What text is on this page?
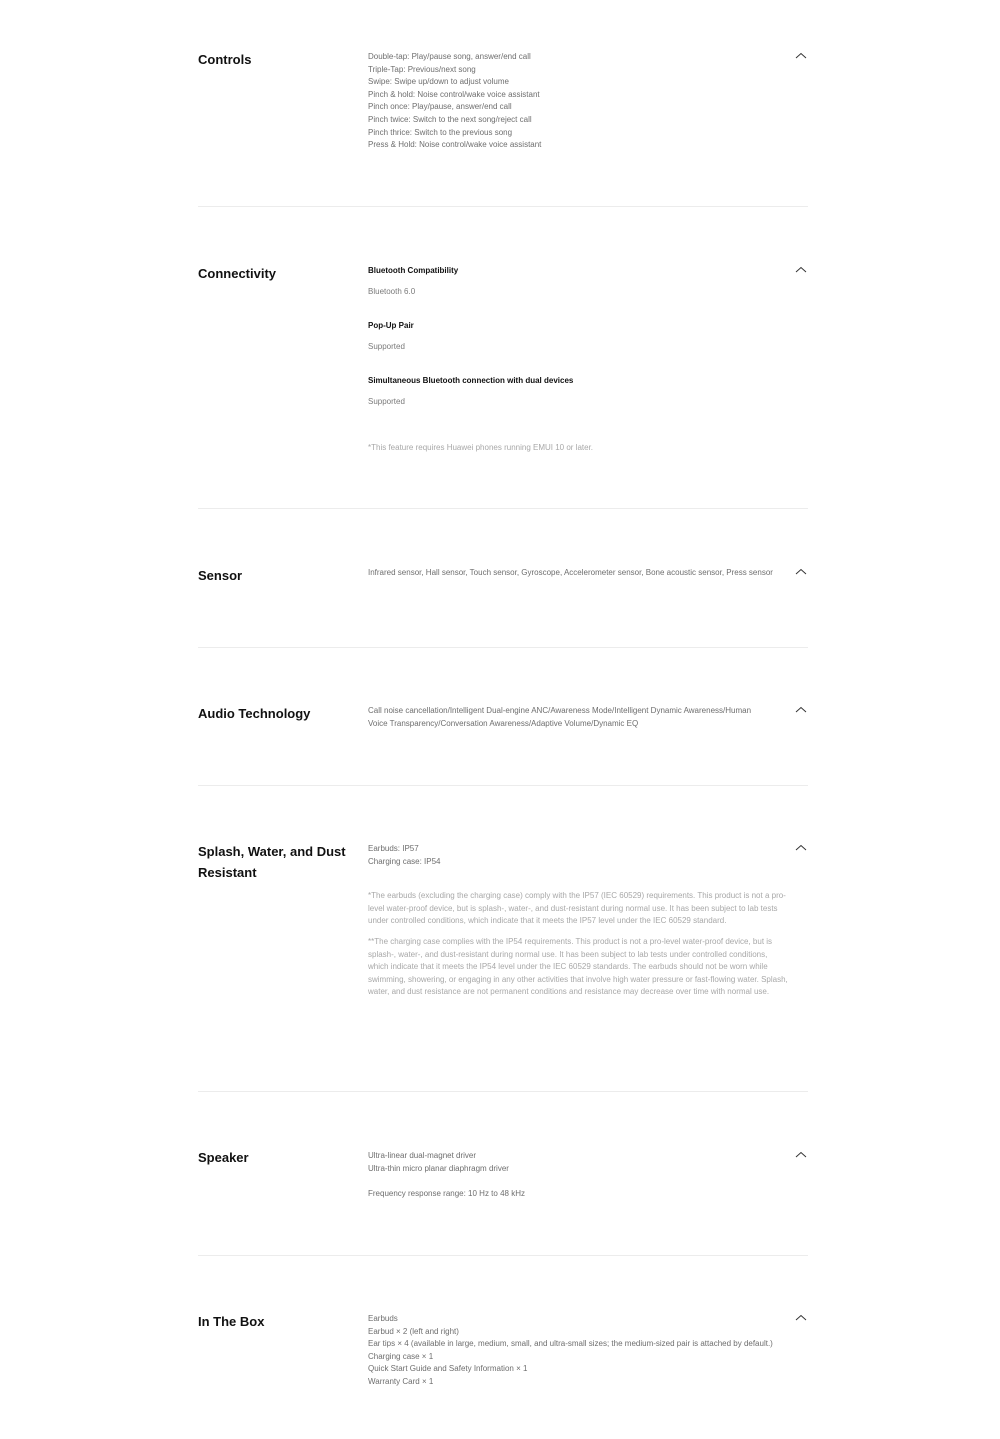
Controls	Double-tap: Play/pause song, answer/end call
Triple-Tap: Previous/next song
Swipe: Swipe up/down to adjust volume
Pinch & hold: Noise control/wake voice assistant
Pinch once: Play/pause, answer/end call
Pinch twice: Switch to the next song/reject call
Pinch thrice: Switch to the previous song
Press & Hold: Noise control/wake voice assistant
Connectivity	Bluetooth Compatibility
Bluetooth 6.0
Pop-Up Pair
Supported
Simultaneous Bluetooth connection with dual devices
Supported
*This feature requires Huawei phones running EMUI 10 or later.
Sensor	Infrared sensor, Hall sensor, Touch sensor, Gyroscope, Accelerometer sensor, Bone acoustic sensor, Press sensor
Audio Technology	Call noise cancellation/Intelligent Dual-engine ANC/Awareness Mode/Intelligent Dynamic Awareness/Human Voice Transparency/Conversation Awareness/Adaptive Volume/Dynamic EQ
Splash, Water, and Dust Resistant
Earbuds: IP57
Charging case: IP54
*The earbuds (excluding the charging case) comply with the IP57 (IEC 60529) requirements. This product is not a pro-level water-proof device, but is splash-, water-, and dust-resistant during normal use. It has been subject to lab tests under controlled conditions, which indicate that it meets the IP57 level under the IEC 60529 standard.
**The charging case complies with the IP54 requirements. This product is not a pro-level water-proof device, but is splash-, water-, and dust-resistant during normal use. It has been subject to lab tests under controlled conditions, which indicate that it meets the IP54 level under the IEC 60529 standards. The earbuds should not be worn while swimming, showering, or engaging in any other activities that involve high water pressure or fast-flowing water. Splash, water, and dust resistance are not permanent conditions and resistance may decrease over time with normal use.
Speaker	Ultra-linear dual-magnet driver
Ultra-thin micro planar diaphragm driver
Frequency response range: 10 Hz to 48 kHz
In The Box	Earbuds
Earbud × 2 (left and right)
Ear tips × 4 (available in large, medium, small, and ultra-small sizes; the medium-sized pair is attached by default.)
Charging case × 1
Quick Start Guide and Safety Information × 1
Warranty Card × 1
